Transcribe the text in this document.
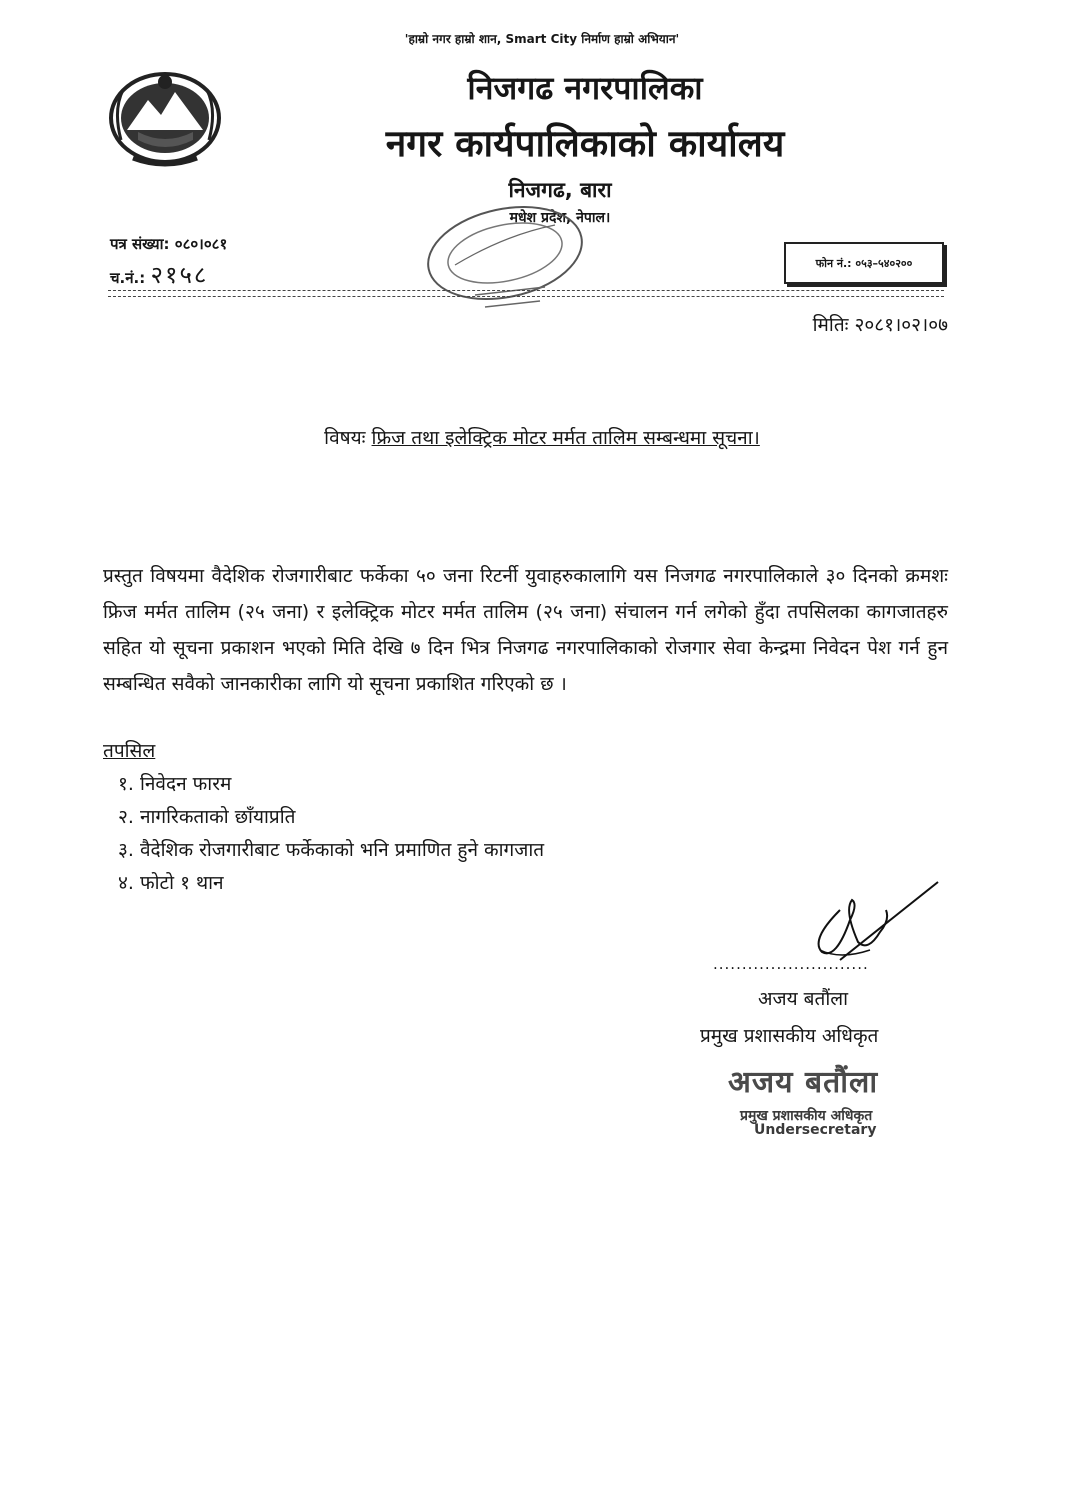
'हाम्रो नगर हाम्रो शान, Smart City निर्माण हाम्रो अभियान'
निजगढ नगरपालिका
नगर कार्यपालिकाको कार्यालय
निजगढ, बारा
मधेश प्रदेश, नेपाल।
पत्र संख्या: ०८०।०८१
च.नं.: २१५८	फोन नं.: ०५३–५४०२००
मितिः २०८१।०२।०७
विषयः फ्रिज तथा इलेक्ट्रिक मोटर मर्मत तालिम सम्बन्धमा सूचना।
प्रस्तुत विषयमा वैदेशिक रोजगारीबाट फर्केका ५० जना रिटर्नी युवाहरुकालागि यस निजगढ नगरपालिकाले ३० दिनको क्रमशः फ्रिज मर्मत तालिम (२५ जना) र इलेक्ट्रिक मोटर मर्मत तालिम (२५ जना) संचालन गर्न लगेको हुँदा तपसिलका कागजातहरु सहित यो सूचना प्रकाशन भएको मिति देखि ७ दिन भित्र निजगढ नगरपालिकाको रोजगार सेवा केन्द्रमा निवेदन पेश गर्न हुन सम्बन्धित सवैको जानकारीका लागि यो सूचना प्रकाशित गरिएको छ ।
तपसिल
१. निवेदन फारम
२. नागरिकताको छाँयाप्रति
३. वैदेशिक रोजगारीबाट फर्केकाको भनि प्रमाणित हुने कागजात
४. फोटो १ थान
...........................
अजय बतौंला
प्रमुख प्रशासकीय अधिकृत
अजय बतौंला
प्रमुख प्रशासकीय अधिकृत
Undersecretary
